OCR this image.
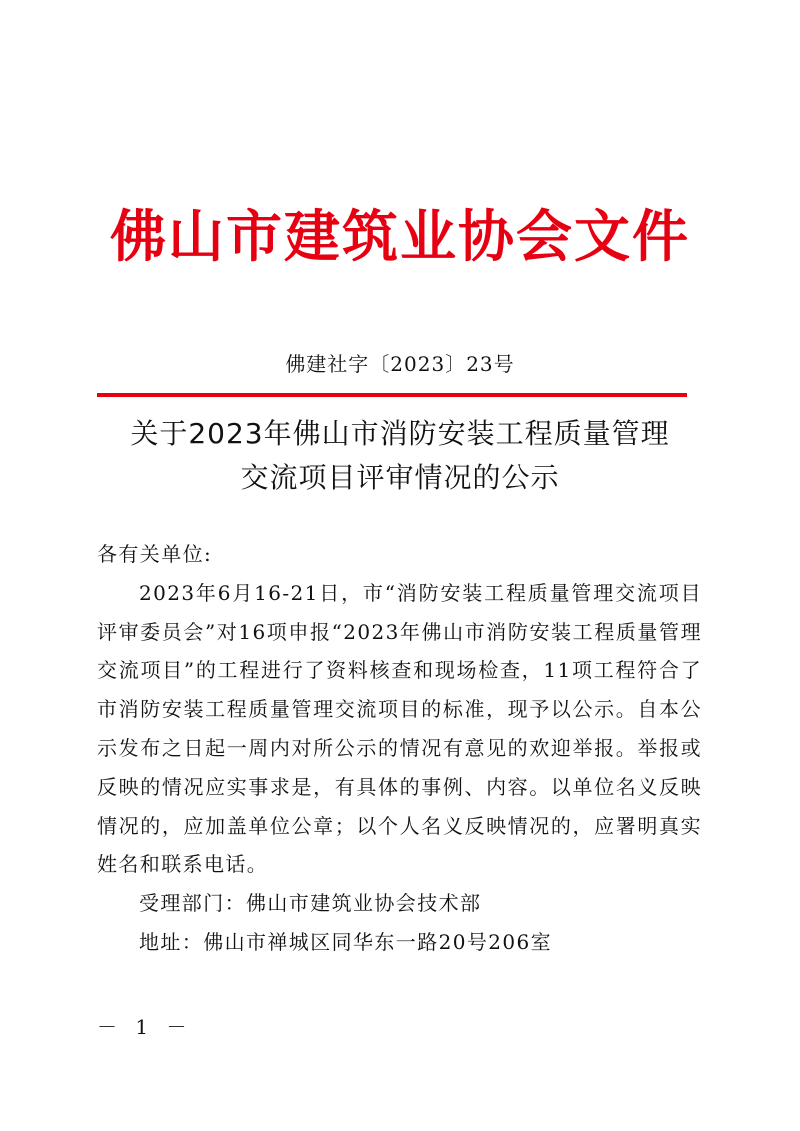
佛山市建筑业协会文件
佛建社字〔2023〕23号
关于2023年佛山市消防安装工程质量管理
交流项目评审情况的公示

各有关单位:

2023年6月16-21日，市“消防安装工程质量管理交流项目评审委员会”对16项申报“2023年佛山市消防安装工程质量管理交流项目”的工程进行了资料核查和现场检查，11项工程符合了市消防安装工程质量管理交流项目的标准，现予以公示。自本公示发布之日起一周内对所公示的情况有意见的欢迎举报。举报或反映的情况应实事求是，有具体的事例、内容。以单位名义反映情况的，应加盖单位公章；以个人名义反映情况的，应署明真实姓名和联系电话。

受理部门：佛山市建筑业协会技术部

地址：佛山市禅城区同华东一路20号206室

－ 1 －
